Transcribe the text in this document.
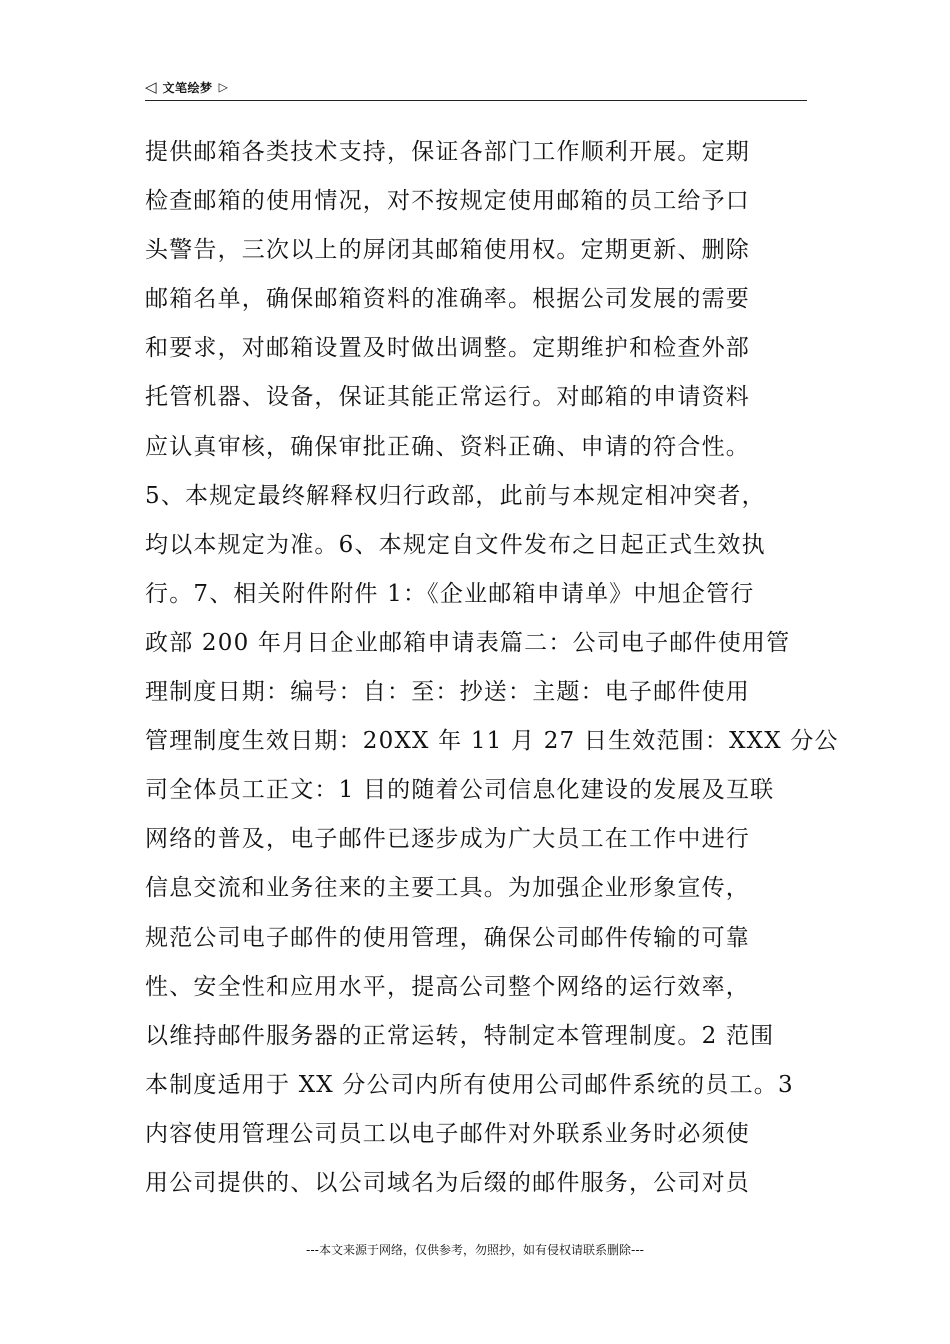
◁ 文笔绘梦 ▷
提供邮箱各类技术支持，保证各部门工作顺利开展。定期
检查邮箱的使用情况，对不按规定使用邮箱的员工给予口
头警告，三次以上的屏闭其邮箱使用权。定期更新、删除
邮箱名单，确保邮箱资料的准确率。根据公司发展的需要
和要求，对邮箱设置及时做出调整。定期维护和检查外部
托管机器、设备，保证其能正常运行。对邮箱的申请资料
应认真审核，确保审批正确、资料正确、申请的符合性。
5、本规定最终解释权归行政部，此前与本规定相冲突者，
均以本规定为准。6、本规定自文件发布之日起正式生效执
行。7、相关附件附件 1：《企业邮箱申请单》中旭企管行
政部 200 年月日企业邮箱申请表篇二：公司电子邮件使用管
理制度日期：编号：自：至：抄送：主题：电子邮件使用
管理制度生效日期：20XX 年 11 月 27 日生效范围：XXX 分公
司全体员工正文：1 目的随着公司信息化建设的发展及互联
网络的普及，电子邮件已逐步成为广大员工在工作中进行
信息交流和业务往来的主要工具。为加强企业形象宣传，
规范公司电子邮件的使用管理，确保公司邮件传输的可靠
性、安全性和应用水平，提高公司整个网络的运行效率，
以维持邮件服务器的正常运转，特制定本管理制度。2 范围
本制度适用于 XX 分公司内所有使用公司邮件系统的员工。3
内容使用管理公司员工以电子邮件对外联系业务时必须使
用公司提供的、以公司域名为后缀的邮件服务，公司对员
---本文来源于网络，仅供参考，勿照抄，如有侵权请联系删除---
